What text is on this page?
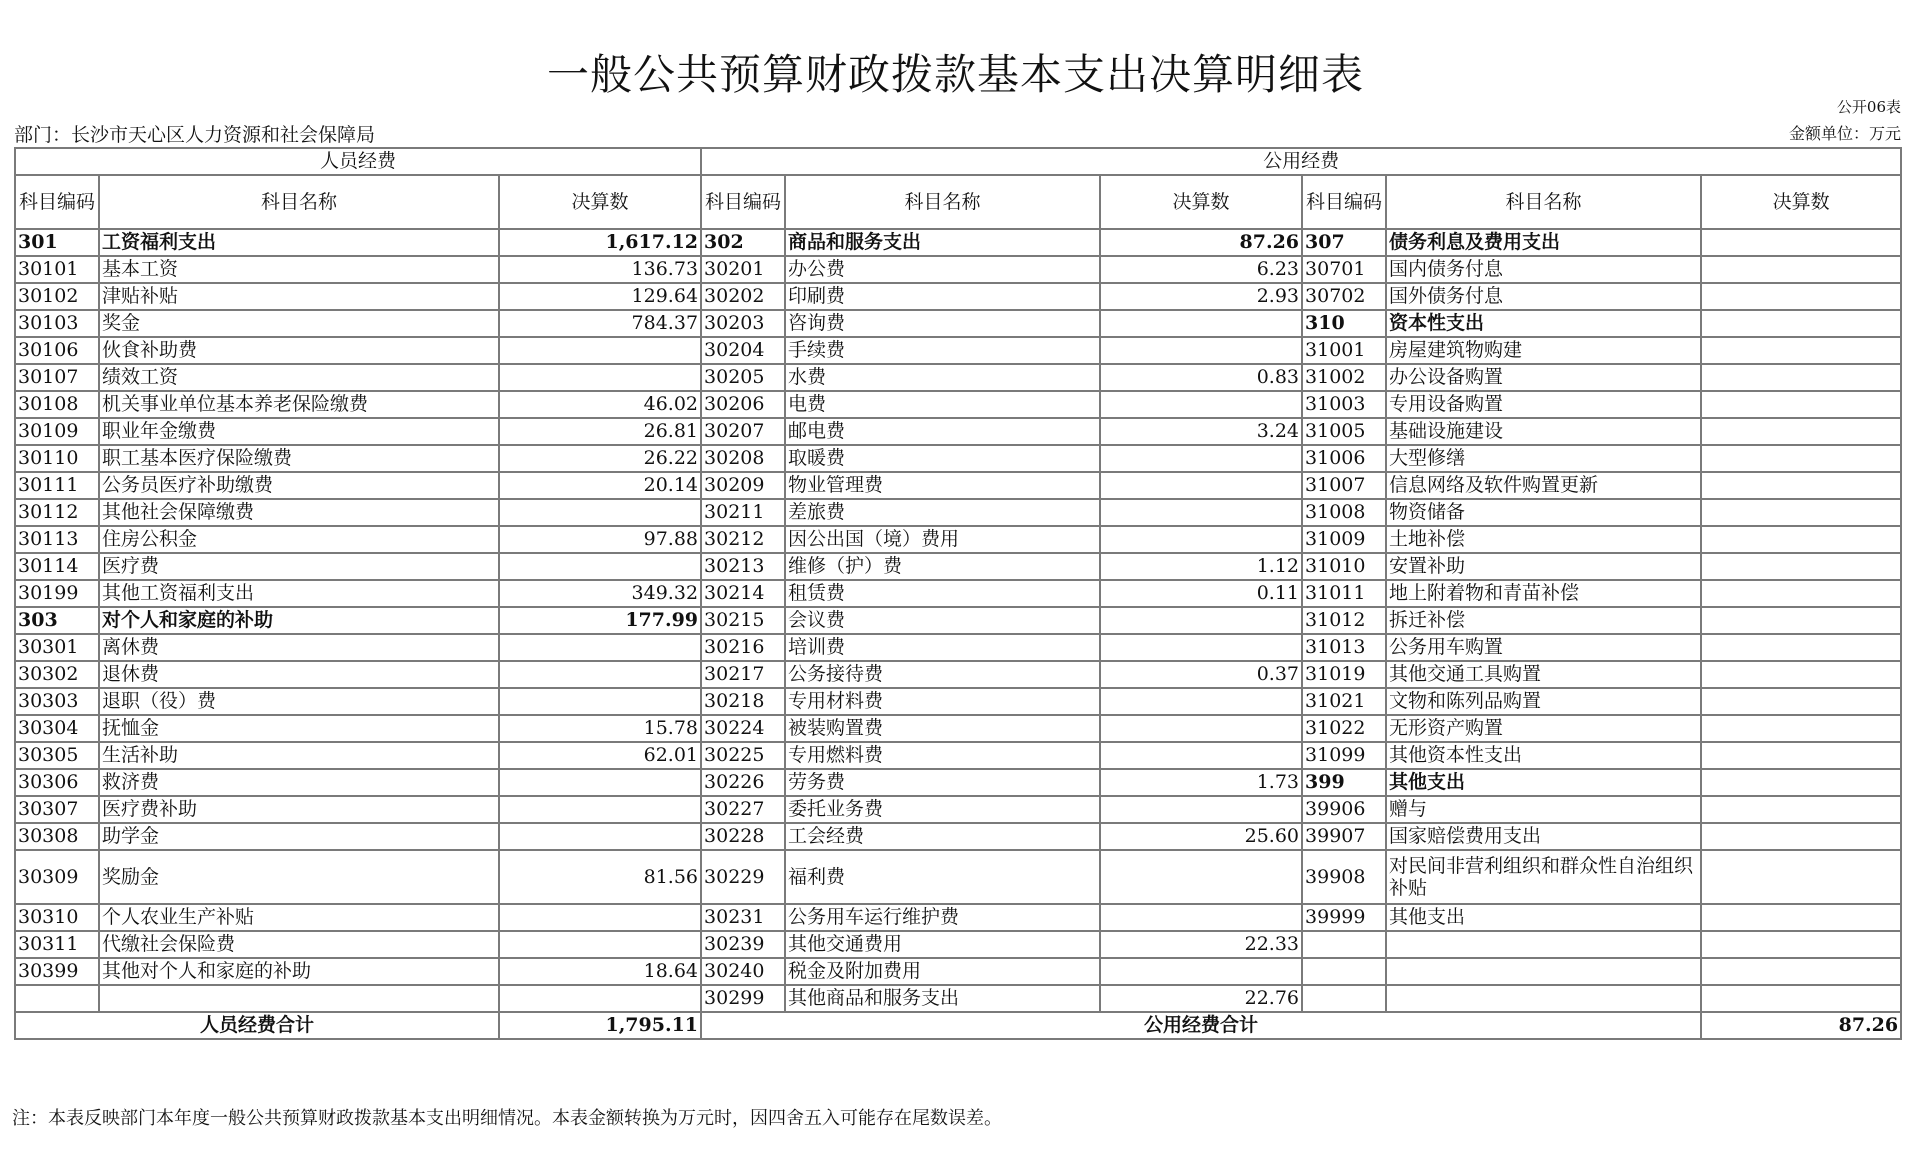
一般公共预算财政拨款基本支出决算明细表
公开06表
部门：长沙市天心区人力资源和社会保障局	金额单位：万元
人员经费			公用经费					
科目编码	科目名称	决算数	科目编码	科目名称	决算数	科目编码	科目名称	决算数
301	工资福利支出	1,617.12	302	商品和服务支出	87.26	307	债务利息及费用支出	
30101	基本工资	136.73	30201	办公费	6.23	30701	国内债务付息	
30102	津贴补贴	129.64	30202	印刷费	2.93	30702	国外债务付息	
30103	奖金	784.37	30203	咨询费		310	资本性支出	
30106	伙食补助费		30204	手续费		31001	房屋建筑物购建	
30107	绩效工资		30205	水费	0.83	31002	办公设备购置	
30108	机关事业单位基本养老保险缴费	46.02	30206	电费		31003	专用设备购置	
30109	职业年金缴费	26.81	30207	邮电费	3.24	31005	基础设施建设	
30110	职工基本医疗保险缴费	26.22	30208	取暖费		31006	大型修缮	
30111	公务员医疗补助缴费	20.14	30209	物业管理费		31007	信息网络及软件购置更新	
30112	其他社会保障缴费		30211	差旅费		31008	物资储备	
30113	住房公积金	97.88	30212	因公出国（境）费用		31009	土地补偿	
30114	医疗费		30213	维修（护）费	1.12	31010	安置补助	
30199	其他工资福利支出	349.32	30214	租赁费	0.11	31011	地上附着物和青苗补偿	
303	对个人和家庭的补助	177.99	30215	会议费		31012	拆迁补偿	
30301	离休费		30216	培训费		31013	公务用车购置	
30302	退休费		30217	公务接待费	0.37	31019	其他交通工具购置	
30303	退职（役）费		30218	专用材料费		31021	文物和陈列品购置	
30304	抚恤金	15.78	30224	被装购置费		31022	无形资产购置	
30305	生活补助	62.01	30225	专用燃料费		31099	其他资本性支出	
30306	救济费		30226	劳务费	1.73	399	其他支出	
30307	医疗费补助		30227	委托业务费		39906	赠与	
30308	助学金		30228	工会经费	25.60	39907	国家赔偿费用支出	
30309	奖励金	81.56	30229	福利费		39908	对民间非营利组织和群众性自治组织补贴	
30310	个人农业生产补贴		30231	公务用车运行维护费		39999	其他支出	
30311	代缴社会保险费		30239	其他交通费用	22.33			
30399	其他对个人和家庭的补助	18.64	30240	税金及附加费用				
			30299	其他商品和服务支出	22.76			
人员经费合计		1,795.11	公用经费合计					87.26
注：本表反映部门本年度一般公共预算财政拨款基本支出明细情况。本表金额转换为万元时，因四舍五入可能存在尾数误差。
